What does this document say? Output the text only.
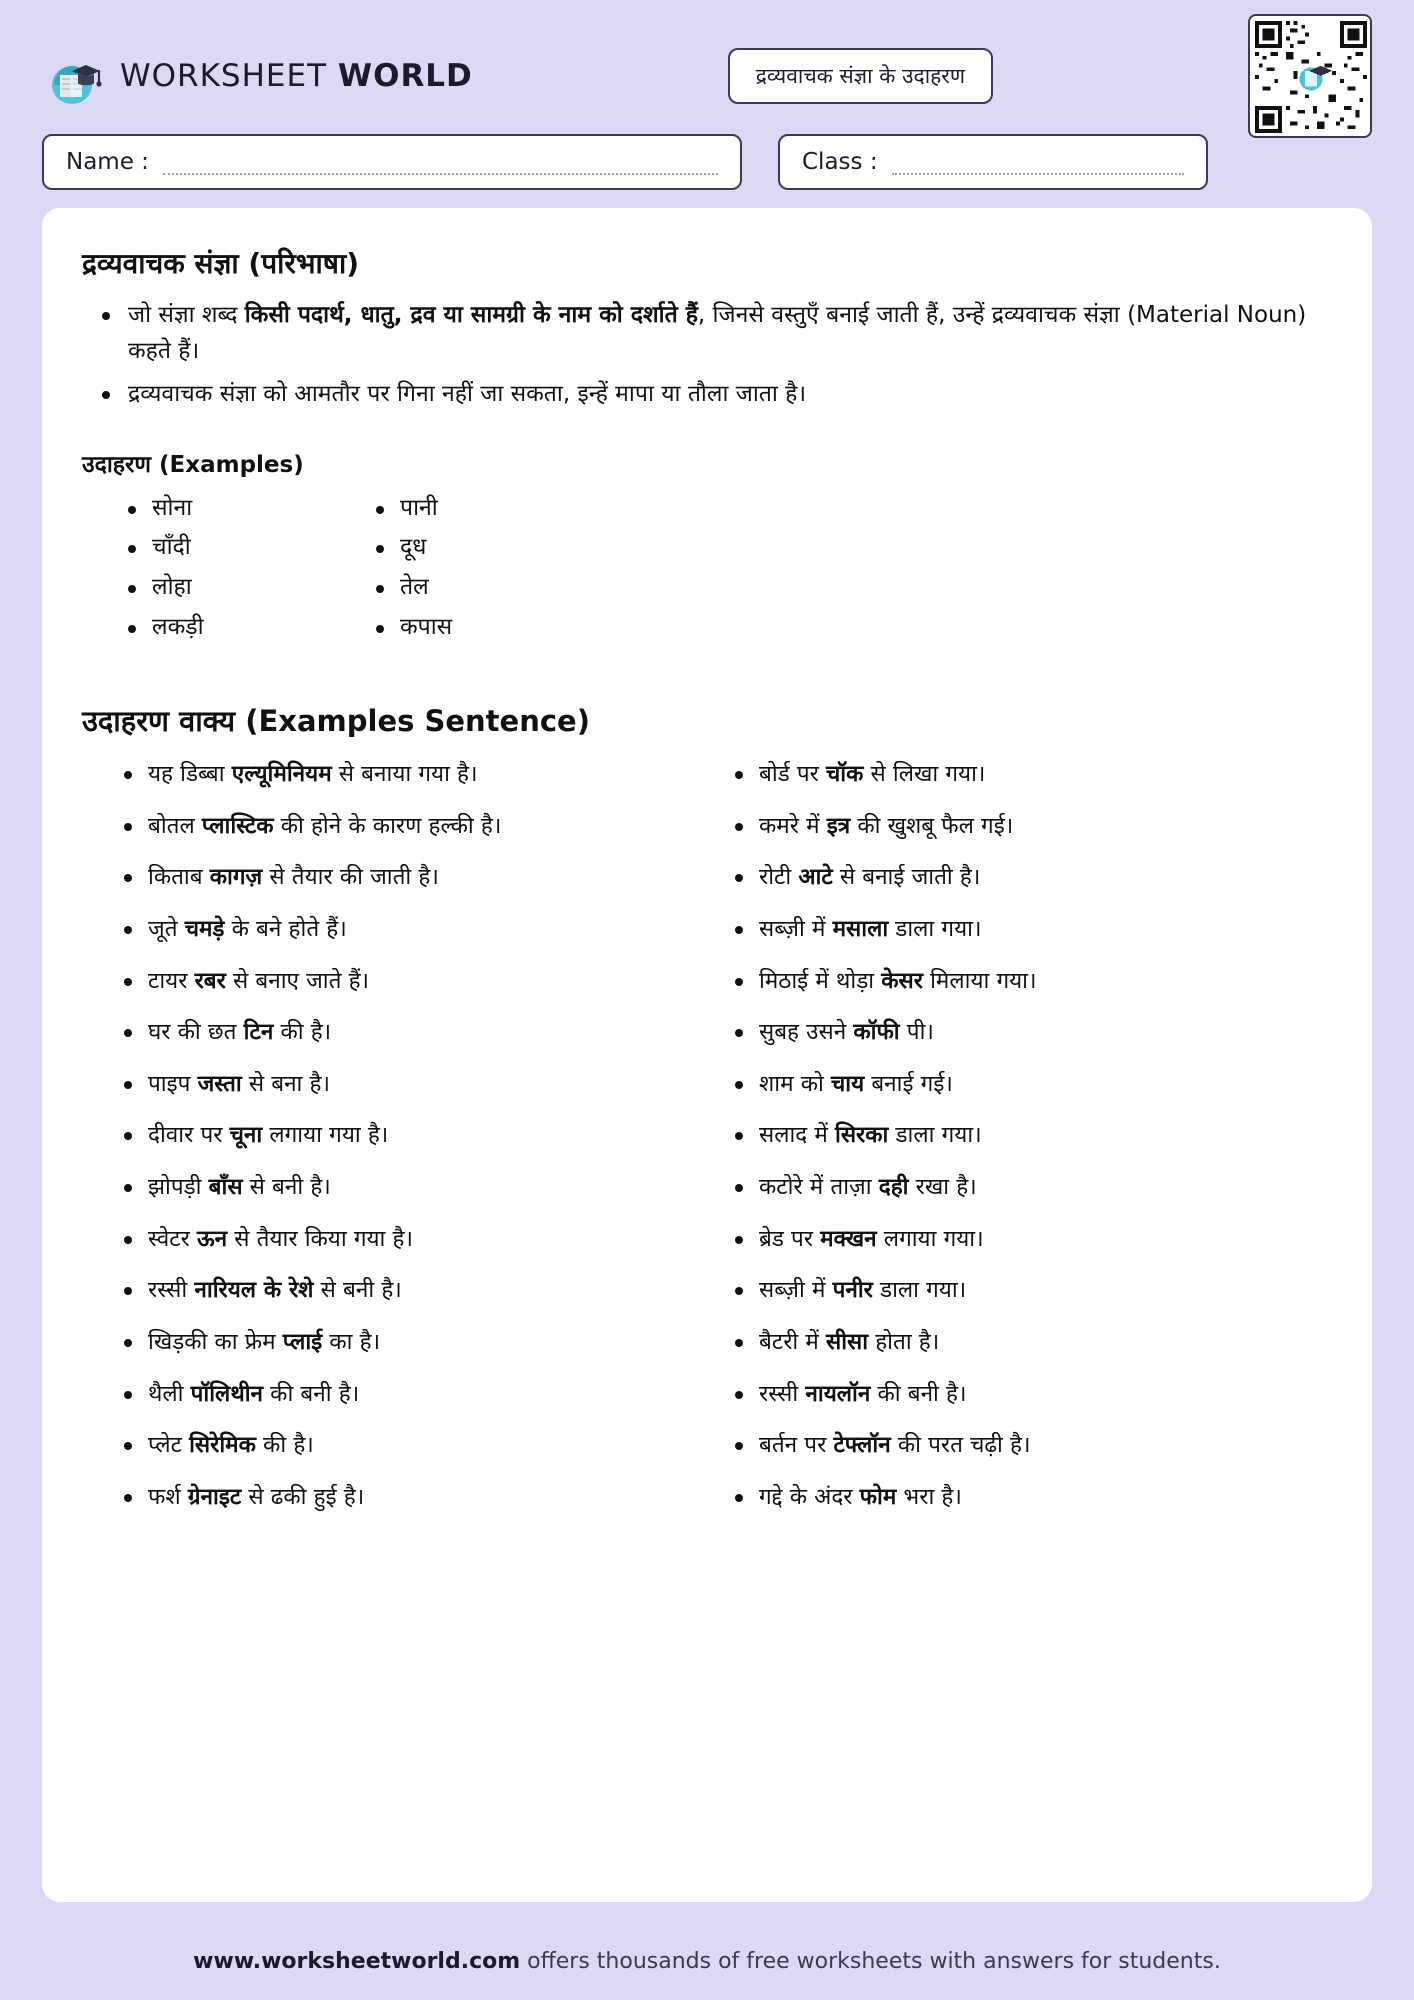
WORKSHEET WORLD	द्रव्यवाचक संज्ञा के उदाहरण
Name :	Class :
द्रव्यवाचक संज्ञा (परिभाषा)
जो संज्ञा शब्द किसी पदार्थ, धातु, द्रव या सामग्री के नाम को दर्शाते हैं, जिनसे वस्तुएँ बनाई जाती हैं, उन्हें द्रव्यवाचक संज्ञा (Material Noun) कहते हैं।
द्रव्यवाचक संज्ञा को आमतौर पर गिना नहीं जा सकता, इन्हें मापा या तौला जाता है।
उदाहरण (Examples)
सोना
चाँदी
लोहा
लकड़ी
पानी
दूध
तेल
कपास
उदाहरण वाक्य (Examples Sentence)
यह डिब्बा एल्यूमिनियम से बनाया गया है।
बोतल प्लास्टिक की होने के कारण हल्की है।
किताब कागज़ से तैयार की जाती है।
जूते चमड़े के बने होते हैं।
टायर रबर से बनाए जाते हैं।
घर की छत टिन की है।
पाइप जस्ता से बना है।
दीवार पर चूना लगाया गया है।
झोपड़ी बाँस से बनी है।
स्वेटर ऊन से तैयार किया गया है।
रस्सी नारियल के रेशे से बनी है।
खिड़की का फ्रेम प्लाई का है।
थैली पॉलिथीन की बनी है।
प्लेट सिरेमिक की है।
फर्श ग्रेनाइट से ढकी हुई है।
बोर्ड पर चॉक से लिखा गया।
कमरे में इत्र की खुशबू फैल गई।
रोटी आटे से बनाई जाती है।
सब्ज़ी में मसाला डाला गया।
मिठाई में थोड़ा केसर मिलाया गया।
सुबह उसने कॉफी पी।
शाम को चाय बनाई गई।
सलाद में सिरका डाला गया।
कटोरे में ताज़ा दही रखा है।
ब्रेड पर मक्खन लगाया गया।
सब्ज़ी में पनीर डाला गया।
बैटरी में सीसा होता है।
रस्सी नायलॉन की बनी है।
बर्तन पर टेफ्लॉन की परत चढ़ी है।
गद्दे के अंदर फोम भरा है।
www.worksheetworld.com offers thousands of free worksheets with answers for students.
